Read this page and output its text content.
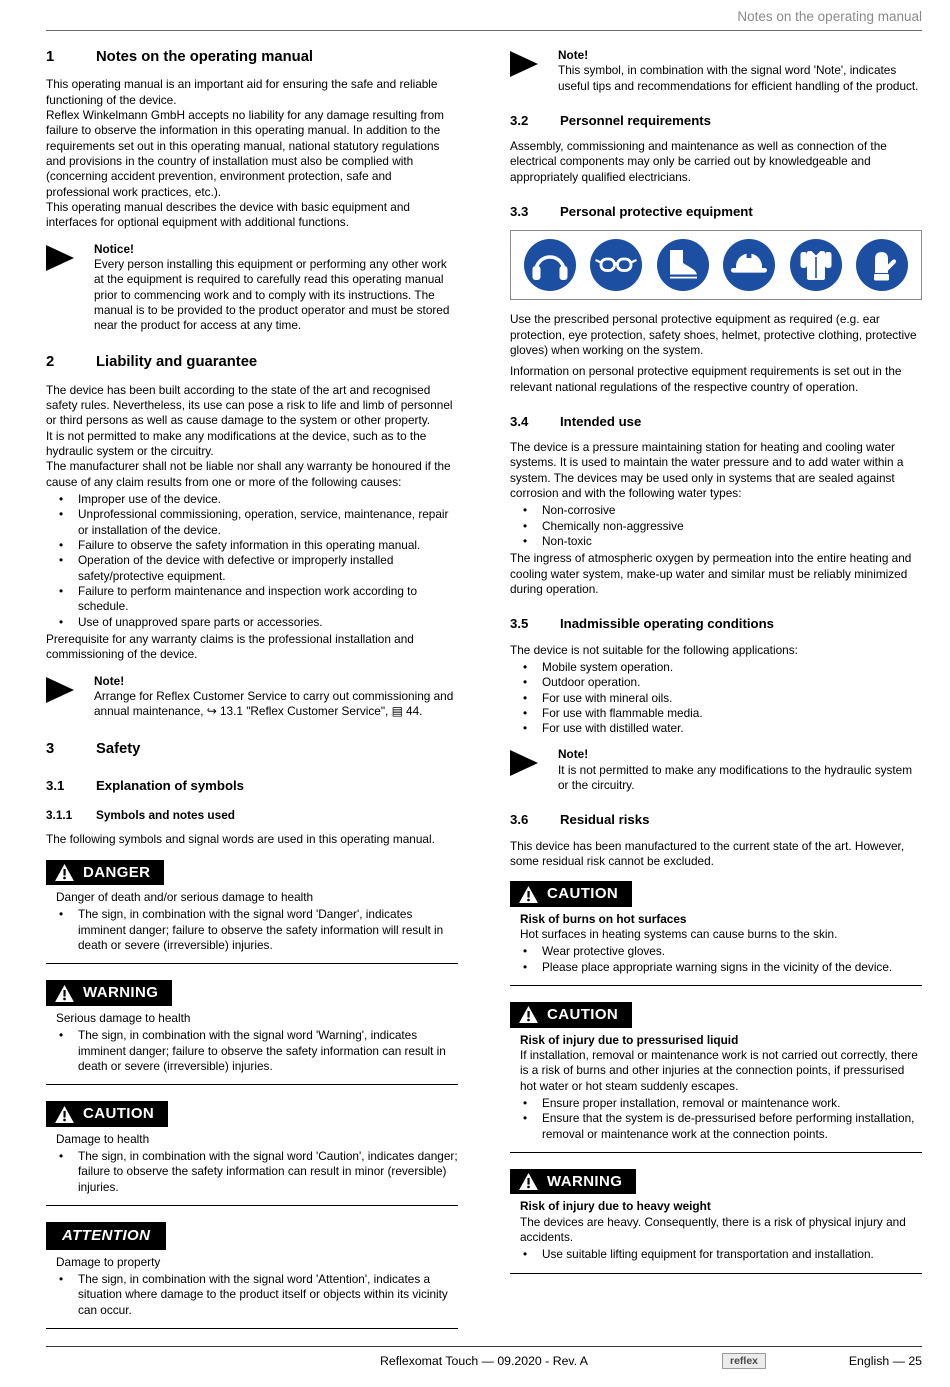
Notes on the operating manual
1	Notes on the operating manual

This operating manual is an important aid for ensuring the safe and reliable functioning of the device.

Reflex Winkelmann GmbH accepts no liability for any damage resulting from failure to observe the information in this operating manual. In addition to the requirements set out in this operating manual, national statutory regulations and provisions in the country of installation must also be complied with (concerning accident prevention, environment protection, safe and professional work practices, etc.).

This operating manual describes the device with basic equipment and interfaces for optional equipment with additional functions.

Notice!

Every person installing this equipment or performing any other work at the equipment is required to carefully read this operating manual prior to commencing work and to comply with its instructions. The manual is to be provided to the product operator and must be stored near the product for access at any time.

2	Liability and guarantee

The device has been built according to the state of the art and recognised safety rules. Nevertheless, its use can pose a risk to life and limb of personnel or third persons as well as cause damage to the system or other property.

It is not permitted to make any modifications at the device, such as to the hydraulic system or the circuitry.

The manufacturer shall not be liable nor shall any warranty be honoured if the cause of any claim results from one or more of the following causes:

• Improper use of the device.
• Unprofessional commissioning, operation, service, maintenance, repair or installation of the device.
• Failure to observe the safety information in this operating manual.
• Operation of the device with defective or improperly installed safety/protective equipment.
• Failure to perform maintenance and inspection work according to schedule.
• Use of unapproved spare parts or accessories.

Prerequisite for any warranty claims is the professional installation and commissioning of the device.

Note!

Arrange for Reflex Customer Service to carry out commissioning and annual maintenance, ↪ 13.1 "Reflex Customer Service", ▤ 44.

3	Safety
3.1	Explanation of symbols
3.1.1	Symbols and notes used

The following symbols and signal words are used in this operating manual.

DANGER
Danger of death and/or serious damage to health
• The sign, in combination with the signal word 'Danger', indicates imminent danger; failure to observe the safety information will result in death or severe (irreversible) injuries.
WARNING
Serious damage to health
• The sign, in combination with the signal word 'Warning', indicates imminent danger; failure to observe the safety information can result in death or severe (irreversible) injuries.
CAUTION
Damage to health
• The sign, in combination with the signal word 'Caution', indicates danger; failure to observe the safety information can result in minor (reversible) injuries.
ATTENTION
Damage to property
• The sign, in combination with the signal word 'Attention', indicates a situation where damage to the product itself or objects within its vicinity can occur.
Note!

This symbol, in combination with the signal word 'Note', indicates useful tips and recommendations for efficient handling of the product.

3.2	Personnel requirements

Assembly, commissioning and maintenance as well as connection of the electrical components may only be carried out by knowledgeable and appropriately qualified electricians.

3.3	Personal protective equipment

Use the prescribed personal protective equipment as required (e.g. ear protection, eye protection, safety shoes, helmet, protective clothing, protective gloves) when working on the system.

Information on personal protective equipment requirements is set out in the relevant national regulations of the respective country of operation.

3.4	Intended use

The device is a pressure maintaining station for heating and cooling water systems. It is used to maintain the water pressure and to add water within a system. The devices may be used only in systems that are sealed against corrosion and with the following water types:

• Non-corrosive
• Chemically non-aggressive
• Non-toxic

The ingress of atmospheric oxygen by permeation into the entire heating and cooling water system, make-up water and similar must be reliably minimized during operation.

3.5	Inadmissible operating conditions

The device is not suitable for the following applications:

• Mobile system operation.
• Outdoor operation.
• For use with mineral oils.
• For use with flammable media.
• For use with distilled water.
Note!

It is not permitted to make any modifications to the hydraulic system or the circuitry.

3.6	Residual risks

This device has been manufactured to the current state of the art. However, some residual risk cannot be excluded.

CAUTION
Risk of burns on hot surfaces

Hot surfaces in heating systems can cause burns to the skin.

• Wear protective gloves.
• Please place appropriate warning signs in the vicinity of the device.
CAUTION
Risk of injury due to pressurised liquid

If installation, removal or maintenance work is not carried out correctly, there is a risk of burns and other injuries at the connection points, if pressurised hot water or hot steam suddenly escapes.

• Ensure proper installation, removal or maintenance work.
• Ensure that the system is de-pressurised before performing installation, removal or maintenance work at the connection points.
WARNING
Risk of injury due to heavy weight

The devices are heavy. Consequently, there is a risk of physical injury and accidents.

• Use suitable lifting equipment for transportation and installation.
Reflexomat Touch — 09.2020 - Rev. A	reflex	English — 25
